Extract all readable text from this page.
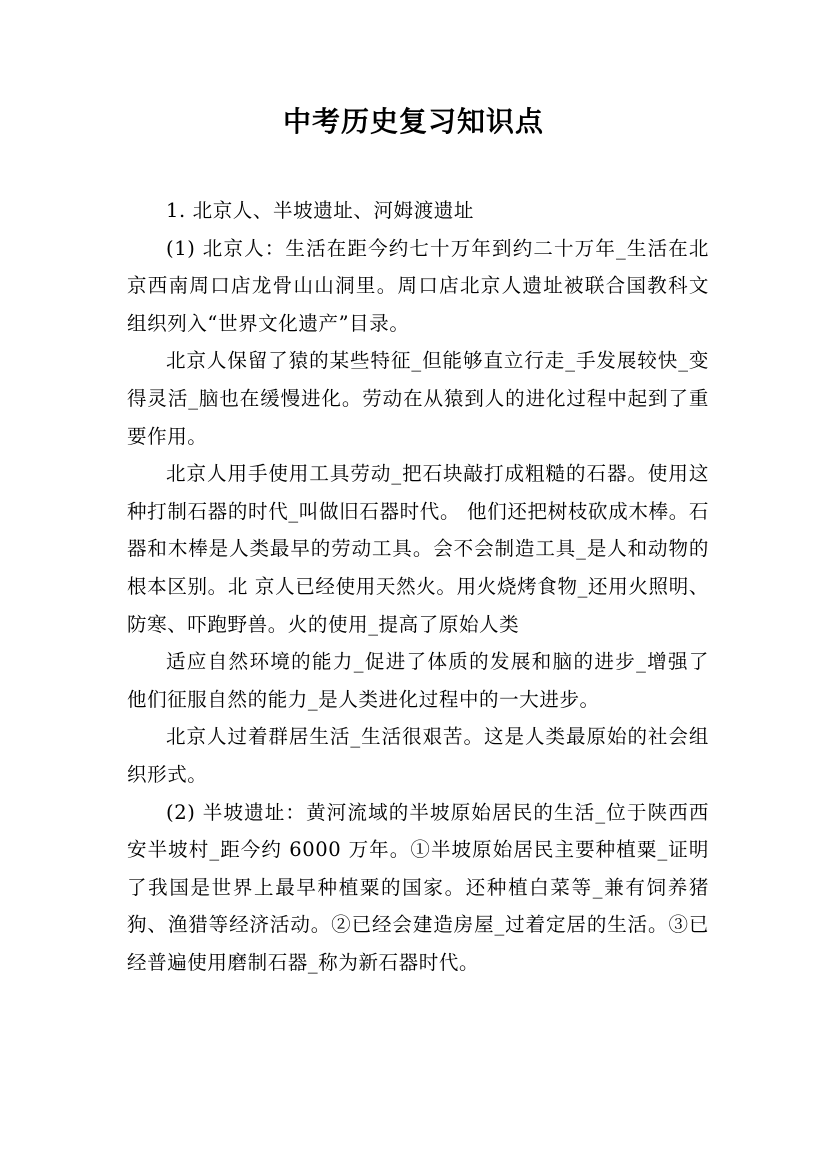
中考历史复习知识点

1. 北京人、半坡遗址、河姆渡遗址

(1) 北京人：生活在距今约七十万年到约二十万年_生活在北京西南周口店龙骨山山洞里。周口店北京人遗址被联合国教科文组织列入“世界文化遗产”目录。

北京人保留了猿的某些特征_但能够直立行走_手发展较快_变得灵活_脑也在缓慢进化。劳动在从猿到人的进化过程中起到了重要作用。

北京人用手使用工具劳动_把石块敲打成粗糙的石器。使用这种打制石器的时代_叫做旧石器时代。 他们还把树枝砍成木棒。石器和木棒是人类最早的劳动工具。会不会制造工具_是人和动物的根本区别。北 京人已经使用天然火。用火烧烤食物_还用火照明、防寒、吓跑野兽。火的使用_提高了原始人类

适应自然环境的能力_促进了体质的发展和脑的进步_增强了他们征服自然的能力_是人类进化过程中的一大进步。

北京人过着群居生活_生活很艰苦。这是人类最原始的社会组织形式。

(2) 半坡遗址：黄河流域的半坡原始居民的生活_位于陕西西安半坡村_距今约 6000 万年。①半坡原始居民主要种植粟_证明了我国是世界上最早种植粟的国家。还种植白菜等_兼有饲养猪狗、渔猎等经济活动。②已经会建造房屋_过着定居的生活。③已经普遍使用磨制石器_称为新石器时代。
